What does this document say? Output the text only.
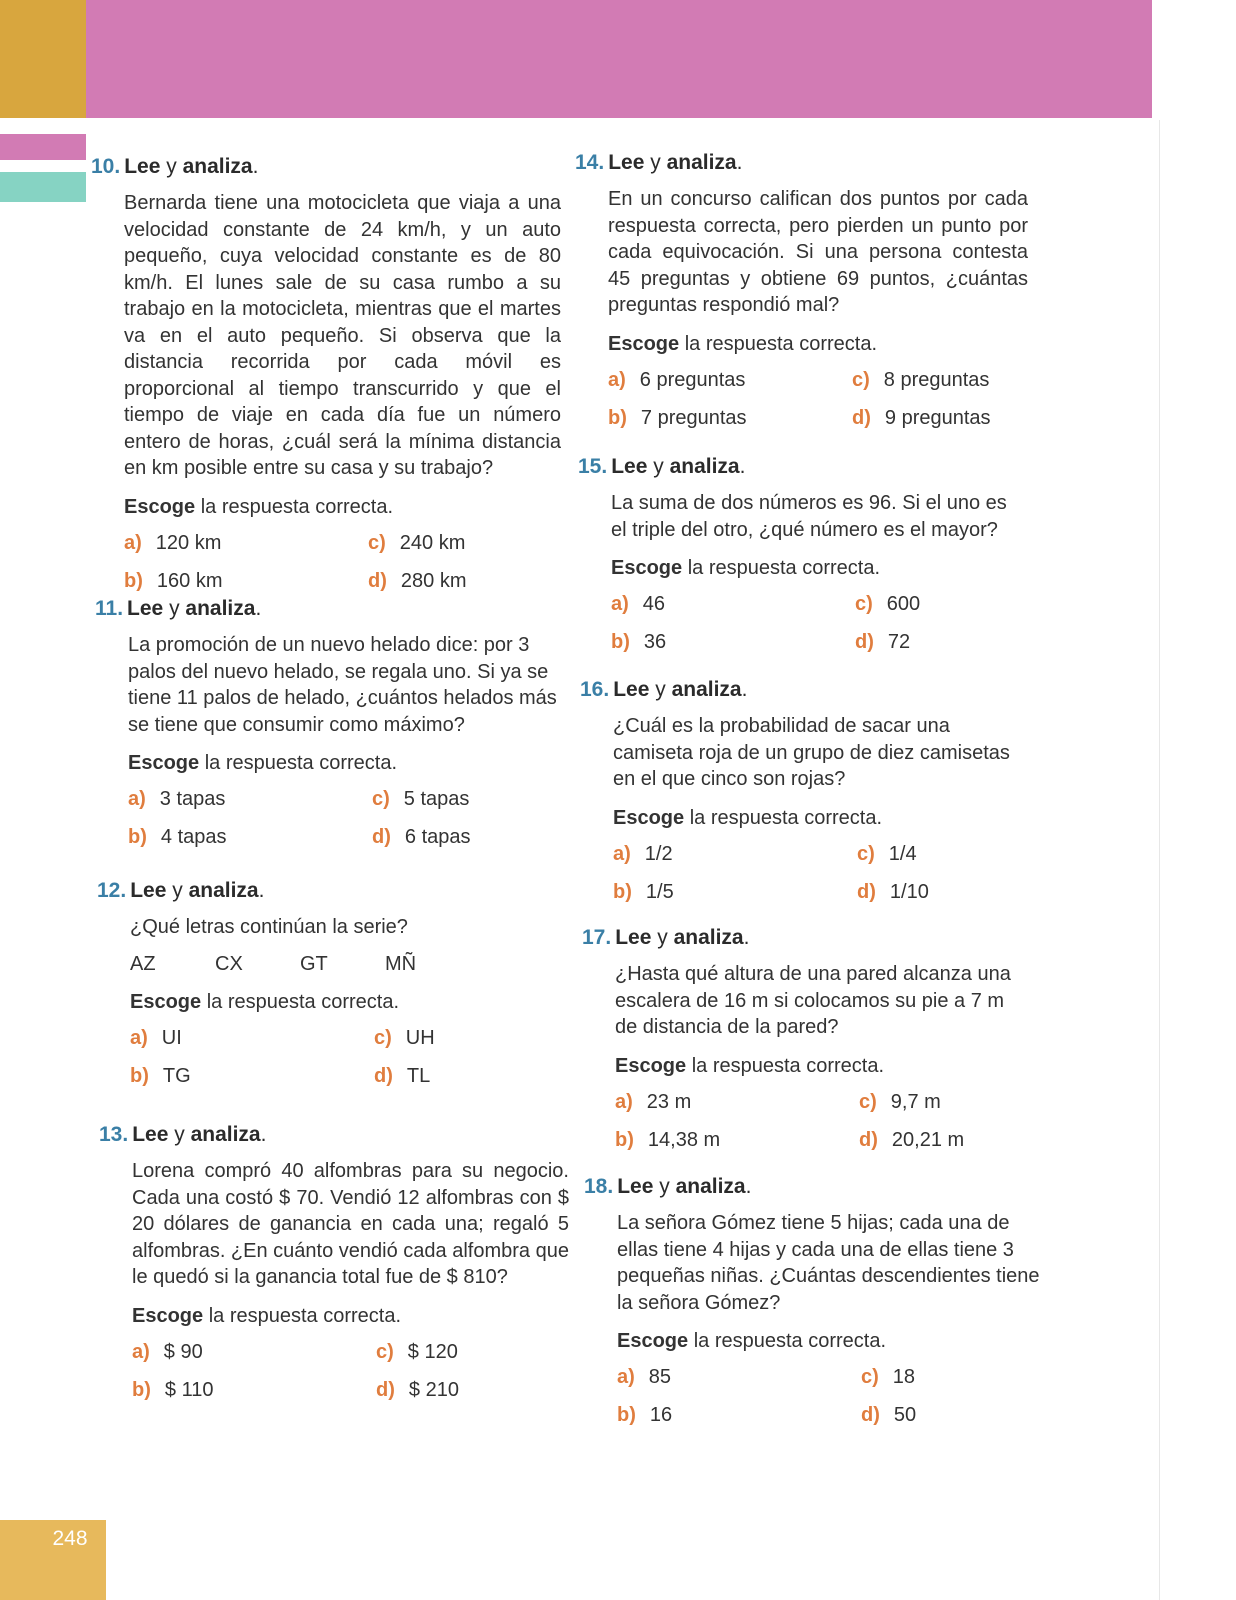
10. Lee y analiza.

Bernarda tiene una motocicleta que viaja a una velocidad constante de 24 km/h, y un auto pequeño, cuya velocidad constante es de 80 km/h. El lunes sale de su casa rumbo a su trabajo en la motocicleta, mientras que el martes va en el auto pequeño. Si observa que la distancia recorrida por cada móvil es proporcional al tiempo transcurrido y que el tiempo de viaje en cada día fue un número entero de horas, ¿cuál será la mínima distancia en km posible entre su casa y su trabajo?
Escoge la respuesta correcta.
a) 120 km	c) 240 km
b) 160 km	d) 280 km

11. Lee y analiza.

La promoción de un nuevo helado dice: por 3 palos del nuevo helado, se regala uno. Si ya se tiene 11 palos de helado, ¿cuántos helados más se tiene que consumir como máximo?
Escoge la respuesta correcta.
a) 3 tapas	c) 5 tapas
b) 4 tapas	d) 6 tapas

12. Lee y analiza.

¿Qué letras continúan la serie?
AZ	CX	GT	MÑ
Escoge la respuesta correcta.
a) UI	c) UH
b) TG	d) TL

13. Lee y analiza.

Lorena compró 40 alfombras para su negocio. Cada una costó $ 70. Vendió 12 alfombras con $ 20 dólares de ganancia en cada una; regaló 5 alfombras. ¿En cuánto vendió cada alfombra que le quedó si la ganancia total fue de $ 810?
Escoge la respuesta correcta.
a) $ 90	c) $ 120
b) $ 110	d) $ 210

14. Lee y analiza.

En un concurso califican dos puntos por cada respuesta correcta, pero pierden un punto por cada equivocación. Si una persona contesta 45 preguntas y obtiene 69 puntos, ¿cuántas preguntas respondió mal?
Escoge la respuesta correcta.
a) 6 preguntas	c) 8 preguntas
b) 7 preguntas	d) 9 preguntas

15. Lee y analiza.

La suma de dos números es 96. Si el uno es el triple del otro, ¿qué número es el mayor?
Escoge la respuesta correcta.
a) 46	c) 600
b) 36	d) 72

16. Lee y analiza.

¿Cuál es la probabilidad de sacar una camiseta roja de un grupo de diez camisetas en el que cinco son rojas?
Escoge la respuesta correcta.
a) 1/2	c) 1/4
b) 1/5	d) 1/10

17. Lee y analiza.

¿Hasta qué altura de una pared alcanza una escalera de 16 m si colocamos su pie a 7 m de distancia de la pared?
Escoge la respuesta correcta.
a) 23 m	c) 9,7 m
b) 14,38 m	d) 20,21 m

18. Lee y analiza.

La señora Gómez tiene 5 hijas; cada una de ellas tiene 4 hijas y cada una de ellas tiene 3 pequeñas niñas. ¿Cuántas descendientes tiene la señora Gómez?
Escoge la respuesta correcta.
a) 85	c) 18
b) 16	d) 50
248
